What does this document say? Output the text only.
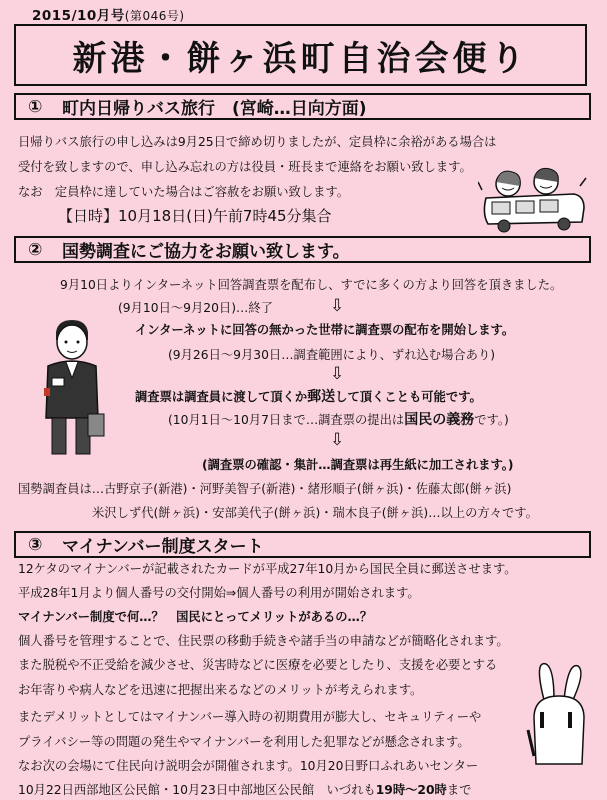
2015/10月号(第046号)
新港・餅ヶ浜町自治会便り
①	町内日帰りバス旅行　(宮崎…日向方面)
日帰りバス旅行の申し込みは9月25日で締め切りましたが、定員枠に余裕がある場合は
受付を致しますので、申し込み忘れの方は役員・班長まで連絡をお願い致します。
なお　定員枠に達していた場合はご容赦をお願い致します。
【日時】10月18日(日)午前7時45分集合
②	国勢調査にご協力をお願い致します。
9月10日よりインターネット回答調査票を配布し、すでに多くの方より回答を頂きました。
(9月10日～9月20日)…終了	⇩
インターネットに回答の無かった世帯に調査票の配布を開始します。
(9月26日～9月30日…調査範囲により、ずれ込む場合あり)
⇩
調査票は調査員に渡して頂くか郵送して頂くことも可能です。
(10月1日～10月7日まで…調査票の提出は国民の義務です。)
⇩
(調査票の確認・集計…調査票は再生紙に加工されます。)
国勢調査員は…古野京子(新港)・河野美智子(新港)・緒形順子(餅ヶ浜)・佐藤太郎(餅ヶ浜)
米沢しず代(餅ヶ浜)・安部美代子(餅ヶ浜)・瑞木良子(餅ヶ浜)…以上の方々です。
③	マイナンバー制度スタート
12ケタのマイナンバーが記載されたカードが平成27年10月から国民全員に郵送させます。
平成28年1月より個人番号の交付開始⇒個人番号の利用が開始されます。
マイナンバー制度で何…？　国民にとってメリットがあるの…？
個人番号を管理することで、住民票の移動手続きや諸手当の申請などが簡略化されます。
また脱税や不正受給を減少させ、災害時などに医療を必要としたり、支援を必要とする
お年寄りや病人などを迅速に把握出来るなどのメリットが考えられます。
またデメリットとしてはマイナンバー導入時の初期費用が膨大し、セキュリティーや
プライバシー等の問題の発生やマイナンバーを利用した犯罪などが懸念されます。
なお次の会場にて住民向け説明会が開催されます。10月20日野口ふれあいセンター
10月22日西部地区公民館・10月23日中部地区公民館　いづれも19時～20時まで
